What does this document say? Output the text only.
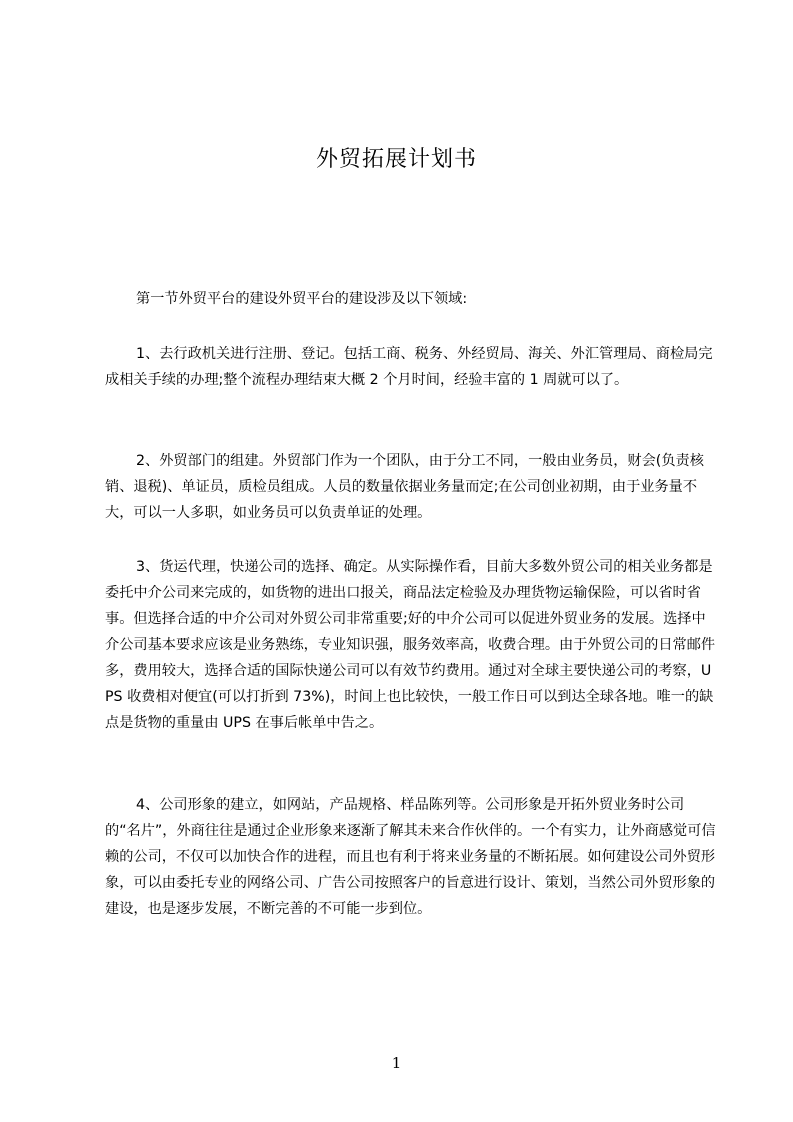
外贸拓展计划书

第一节外贸平台的建设外贸平台的建设涉及以下领域:

1、去行政机关进行注册、登记。包括工商、税务、外经贸局、海关、外汇管理局、商检局完成相关手续的办理;整个流程办理结束大概 2 个月时间，经验丰富的 1 周就可以了。

2、外贸部门的组建。外贸部门作为一个团队，由于分工不同，一般由业务员，财会(负责核销、退税)、单证员，质检员组成。人员的数量依据业务量而定;在公司创业初期，由于业务量不大，可以一人多职，如业务员可以负责单证的处理。

3、货运代理，快递公司的选择、确定。从实际操作看，目前大多数外贸公司的相关业务都是委托中介公司来完成的，如货物的进出口报关，商品法定检验及办理货物运输保险，可以省时省事。但选择合适的中介公司对外贸公司非常重要;好的中介公司可以促进外贸业务的发展。选择中介公司基本要求应该是业务熟练，专业知识强，服务效率高，收费合理。由于外贸公司的日常邮件多，费用较大，选择合适的国际快递公司可以有效节约费用。通过对全球主要快递公司的考察，UPS 收费相对便宜(可以打折到 73%)，时间上也比较快，一般工作日可以到达全球各地。唯一的缺点是货物的重量由 UPS 在事后帐单中告之。

4、公司形象的建立，如网站，产品规格、样品陈列等。公司形象是开拓外贸业务时公司的“名片”，外商往往是通过企业形象来逐渐了解其未来合作伙伴的。一个有实力，让外商感觉可信赖的公司，不仅可以加快合作的进程，而且也有利于将来业务量的不断拓展。如何建设公司外贸形象，可以由委托专业的网络公司、广告公司按照客户的旨意进行设计、策划，当然公司外贸形象的建设，也是逐步发展，不断完善的不可能一步到位。

1
